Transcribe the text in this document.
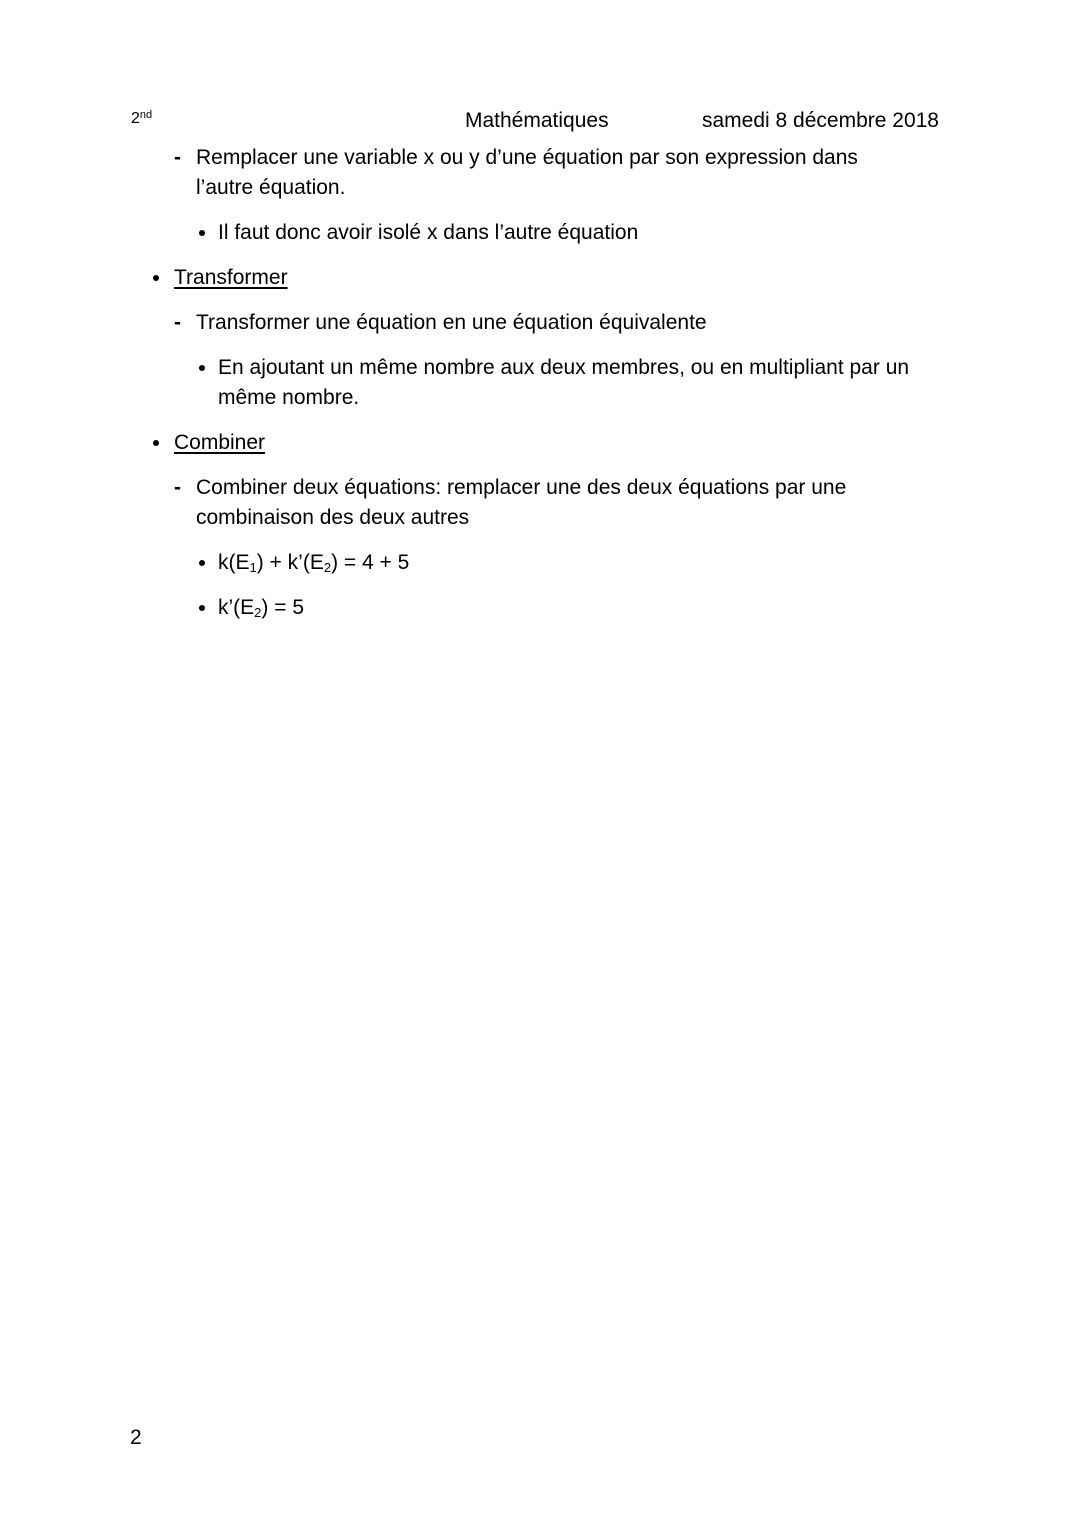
2nd	Mathématiques	samedi 8 décembre 2018
- Remplacer une variable x ou y d’une équation par son expression dans
l’autre équation.
Il faut donc avoir isolé x dans l’autre équation
Transformer
- Transformer une équation en une équation équivalente
En ajoutant un même nombre aux deux membres, ou en multipliant par un
même nombre.
Combiner
- Combiner deux équations: remplacer une des deux équations par une
combinaison des deux autres
$k(E_1)$ + $k’(E_2) = 4 + 5$
$k’(E_2) = 5$
2
